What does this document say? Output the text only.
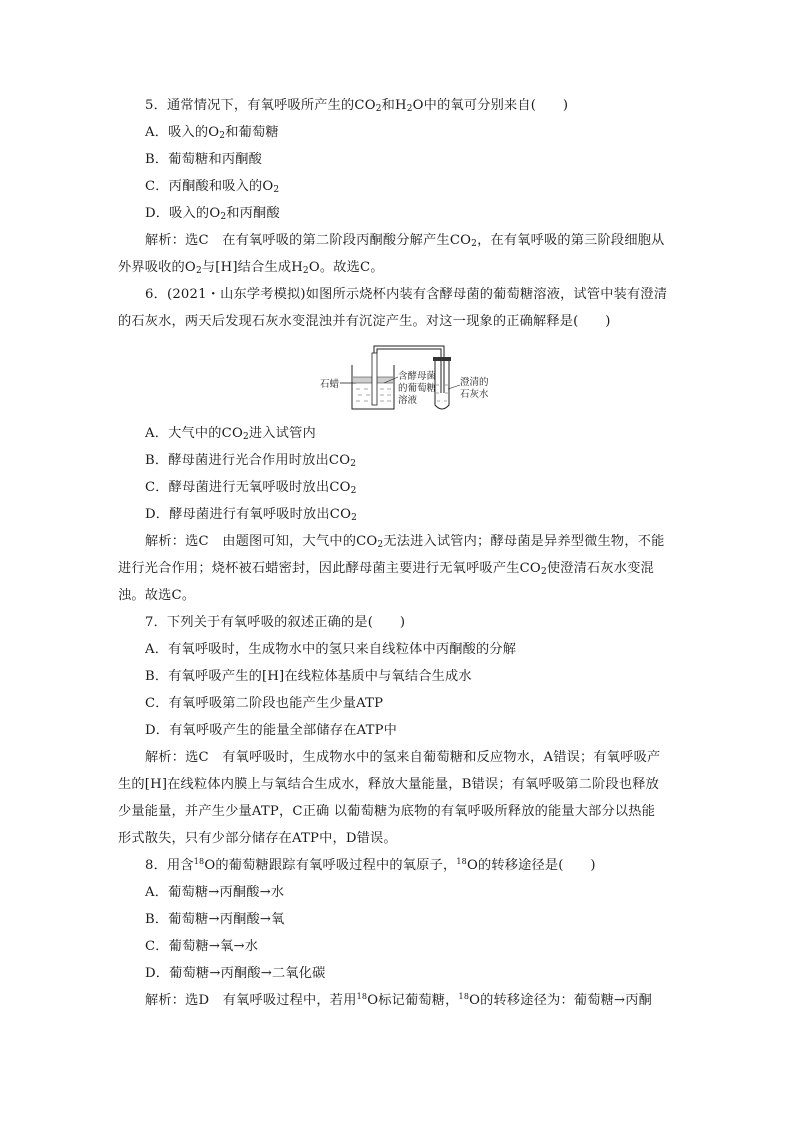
5．通常情况下，有氧呼吸所产生的$CO_2$和$H_2O$中的氧可分别来自(　　)
A．吸入的$O_2$和葡萄糖
B．葡萄糖和丙酮酸
C．丙酮酸和吸入的$O_2$
D．吸入的$O_2$和丙酮酸
解析：选C　在有氧呼吸的第二阶段丙酮酸分解产生$CO_2$，在有氧呼吸的第三阶段细胞从
外界吸收的$O_2$与[H]结合生成$H_2O$。故选C。
6．(2021・山东学考模拟)如图所示烧杯内装有含酵母菌的葡萄糖溶液，试管中装有澄清
的石灰水，两天后发现石灰水变混浊并有沉淀产生。对这一现象的正确解释是(　　)
石蜡
含酵母菌
的葡萄糖
溶液
澄清的
石灰水
A．大气中的$CO_2$进入试管内
B．酵母菌进行光合作用时放出$CO_2$
C．酵母菌进行无氧呼吸时放出$CO_2$
D．酵母菌进行有氧呼吸时放出$CO_2$
解析：选C　由题图可知，大气中的$CO_2$无法进入试管内；酵母菌是异养型微生物，不能
进行光合作用；烧杯被石蜡密封，因此酵母菌主要进行无氧呼吸产生$CO_2$使澄清石灰水变混
浊。故选C。
7．下列关于有氧呼吸的叙述正确的是(　　)
A．有氧呼吸时，生成物水中的氢只来自线粒体中丙酮酸的分解
B．有氧呼吸产生的[H]在线粒体基质中与氧结合生成水
C．有氧呼吸第二阶段也能产生少量ATP
D．有氧呼吸产生的能量全部储存在ATP中
解析：选C　有氧呼吸时，生成物水中的氢来自葡萄糖和反应物水，A错误；有氧呼吸产
生的[H]在线粒体内膜上与氧结合生成水，释放大量能量，B错误；有氧呼吸第二阶段也释放
少量能量，并产生少量ATP，C正确 以葡萄糖为底物的有氧呼吸所释放的能量大部分以热能
形式散失，只有少部分储存在ATP中，D错误。
8．用含$^{18}$O的葡萄糖跟踪有氧呼吸过程中的氧原子，$^{18}$O的转移途径是(　　)
A．葡萄糖→丙酮酸→水
B．葡萄糖→丙酮酸→氧
C．葡萄糖→氧→水
D．葡萄糖→丙酮酸→二氧化碳
解析：选D　有氧呼吸过程中，若用$^{18}$O标记葡萄糖，$^{18}$O的转移途径为：葡萄糖→丙酮
